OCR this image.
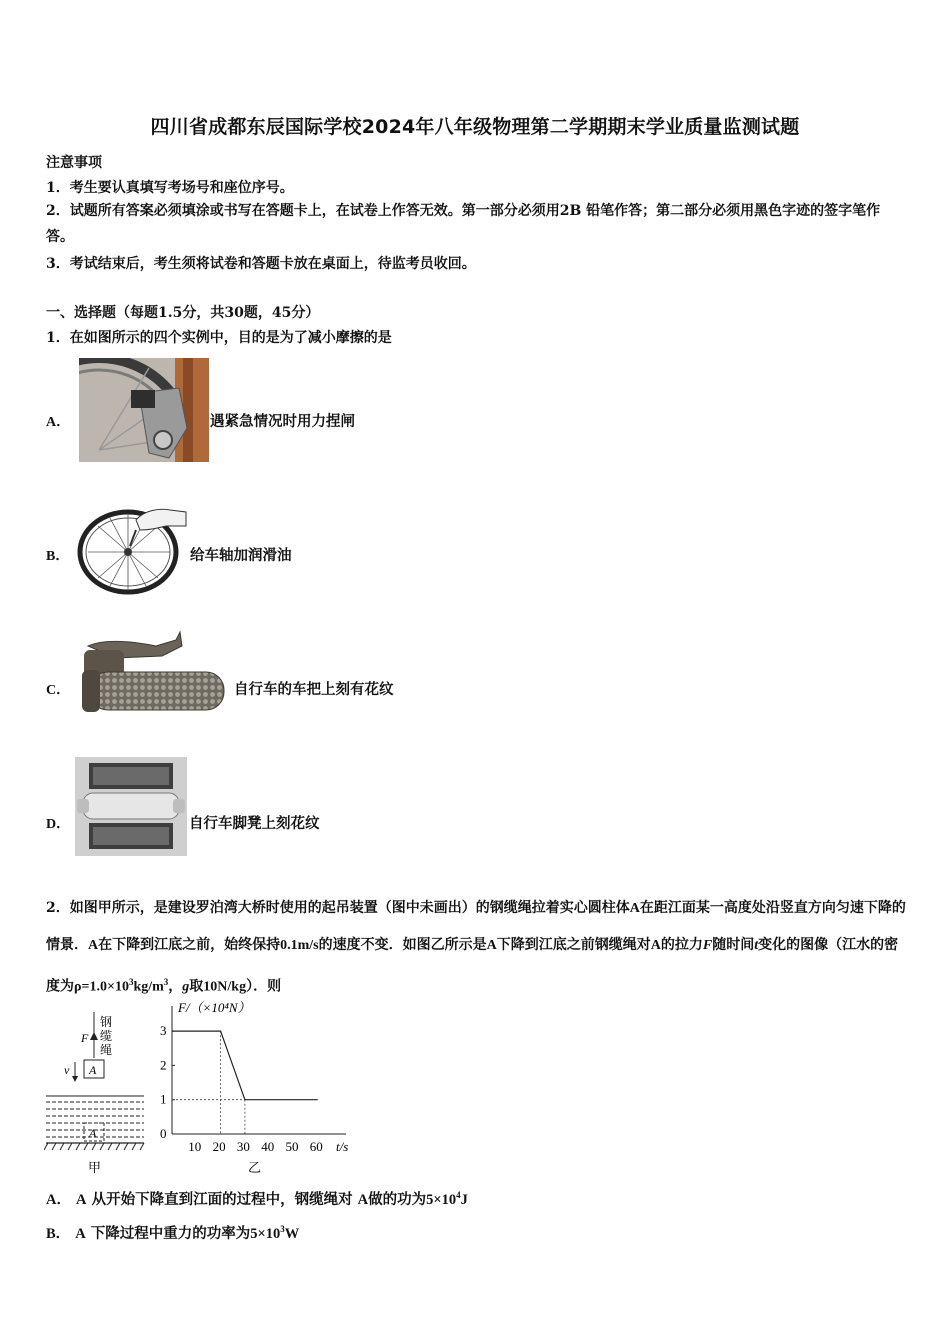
四川省成都东辰国际学校2024年八年级物理第二学期期末学业质量监测试题
注意事项
1．考生要认真填写考场号和座位序号。
2．试题所有答案必须填涂或书写在答题卡上，在试卷上作答无效。第一部分必须用2B 铅笔作答；第二部分必须用黑色字迹的签字笔作答。
3．考试结束后，考生须将试卷和答题卡放在桌面上，待监考员收回。
一、选择题（每题1.5分，共30题，45分）
1．在如图所示的四个实例中，目的是为了减小摩擦的是
A．	遇紧急情况时用力捏闸
B．	给车轴加润滑油
C．	自行车的车把上刻有花纹
D．	自行车脚凳上刻花纹
2．如图甲所示，是建设罗泊湾大桥时使用的起吊装置（图中未画出）的钢缆绳拉着实心圆柱体A在距江面某一高度处沿竖直方向匀速下降的情景．A在下降到江底之前，始终保持0.1m/s的速度不变．如图乙所示是A下降到江底之前钢缆绳对A的拉力F随时间t变化的图像（江水的密度为$\rho=1.0\times 10^3kg/m^3$，g取10N/kg）．则
F
钢
缆
绳
A
v
A
甲
0
1
2
3
10 20 30 40 50 60
F/（×10⁴N）
t/s
乙
A． A 从开始下降直到江面的过程中，钢缆绳对 A做的功为$5\times 10^4J$
B． A 下降过程中重力的功率为$5\times 10^3W$
